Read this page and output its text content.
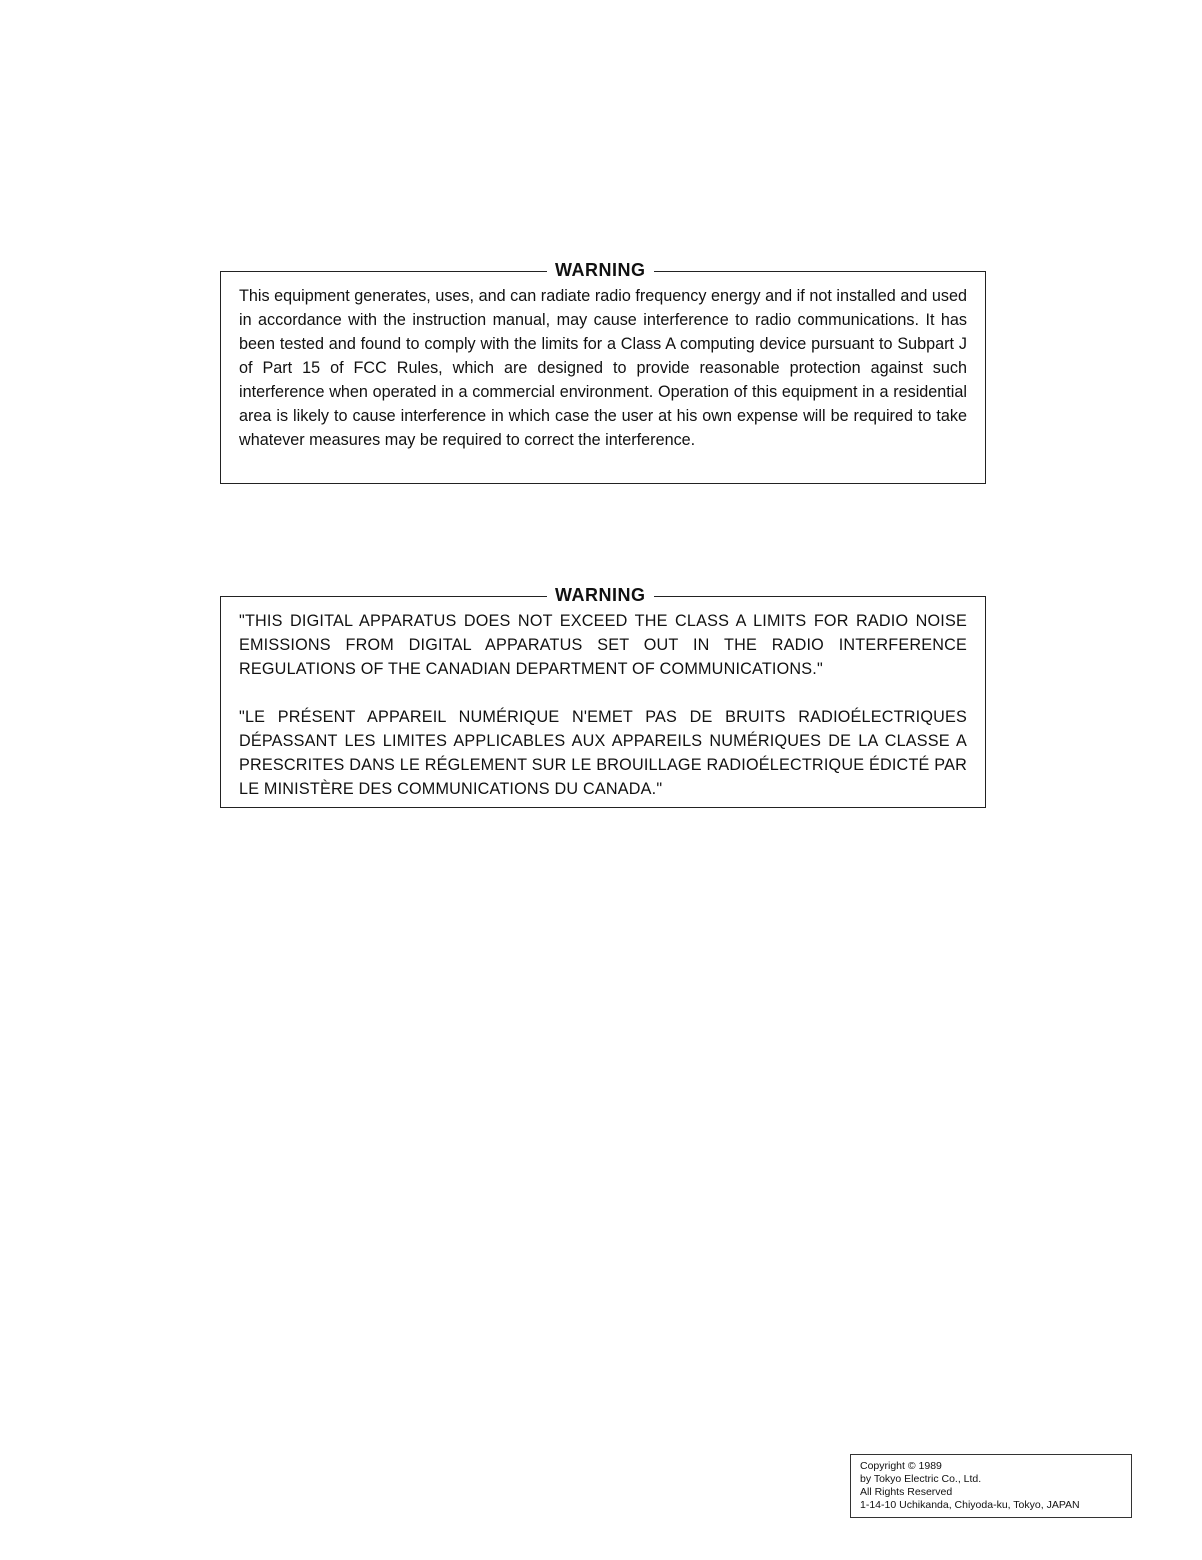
WARNING

This equipment generates, uses, and can radiate radio frequency energy and if not installed and used in accordance with the instruction manual, may cause interference to radio communications. It has been tested and found to comply with the limits for a Class A computing device pursuant to Subpart J of Part 15 of FCC Rules, which are designed to provide reasonable protection against such interference when operated in a commercial environment. Operation of this equipment in a residential area is likely to cause interference in which case the user at his own expense will be required to take whatever measures may be required to correct the interference.

WARNING

"THIS DIGITAL APPARATUS DOES NOT EXCEED THE CLASS A LIMITS FOR RADIO NOISE EMISSIONS FROM DIGITAL APPARATUS SET OUT IN THE RADIO INTERFERENCE REGULATIONS OF THE CANADIAN DEPARTMENT OF COMMUNICATIONS."

"LE PRÉSENT APPAREIL NUMÉRIQUE N'EMET PAS DE BRUITS RADIOÉLECTRIQUES DÉPASSANT LES LIMITES APPLICABLES AUX APPAREILS NUMÉRIQUES DE LA CLASSE A PRESCRITES DANS LE RÉGLEMENT SUR LE BROUILLAGE RADIOÉLECTRIQUE ÉDICTÉ PAR LE MINISTÈRE DES COMMUNICATIONS DU CANADA."

Copyright © 1989
by Tokyo Electric Co., Ltd.
All Rights Reserved
1-14-10 Uchikanda, Chiyoda-ku, Tokyo, JAPAN
